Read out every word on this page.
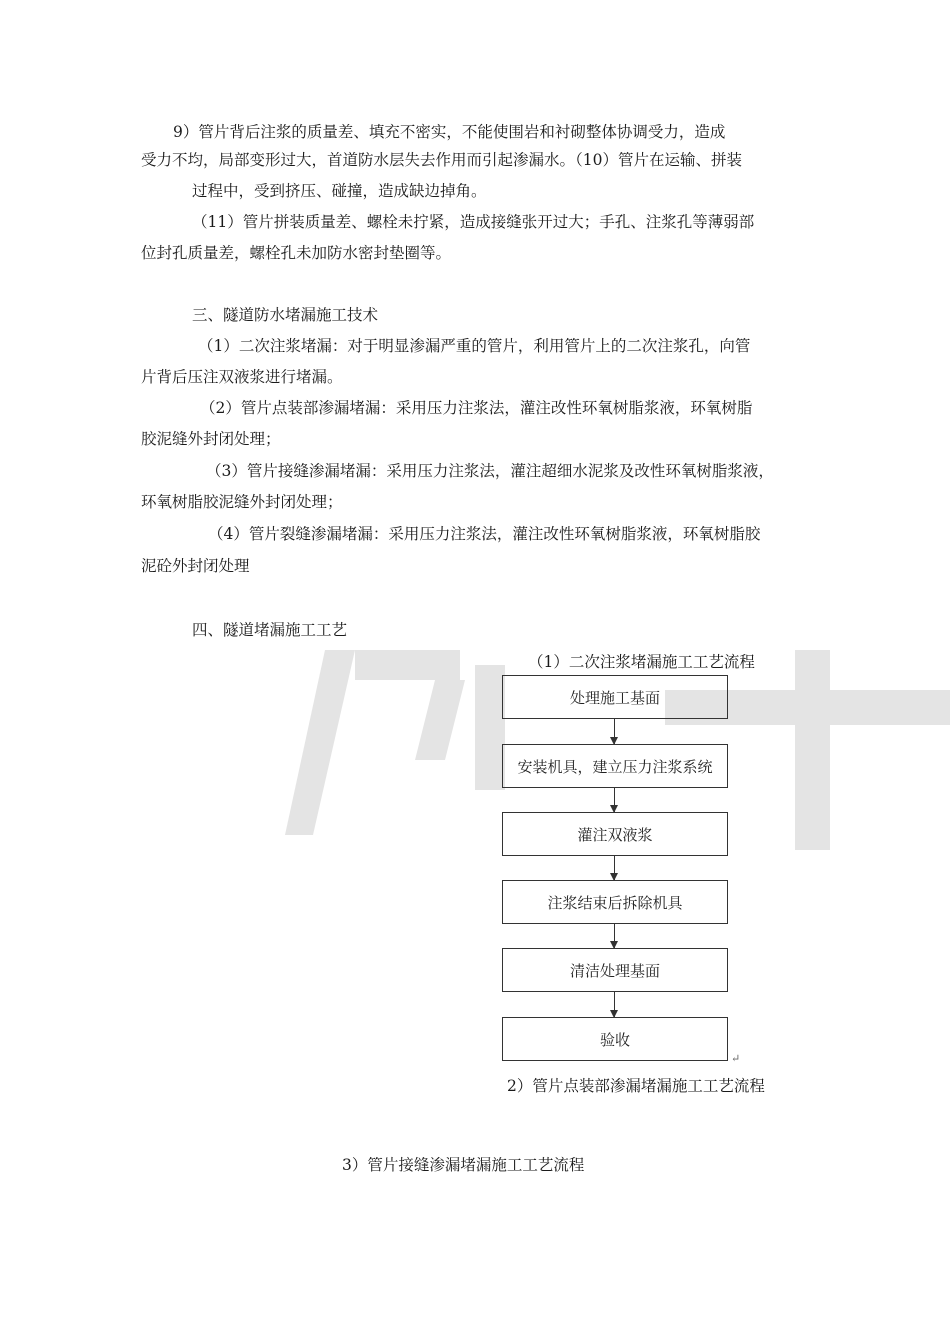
9）管片背后注浆的质量差、填充不密实，不能使围岩和衬砌整体协调受力，造成
受力不均，局部变形过大，首道防水层失去作用而引起渗漏水。（10）管片在运输、拼装
过程中，受到挤压、碰撞，造成缺边掉角。
（11）管片拼装质量差、螺栓未拧紧，造成接缝张开过大；手孔、注浆孔等薄弱部
位封孔质量差，螺栓孔未加防水密封垫圈等。
三、隧道防水堵漏施工技术
（1）二次注浆堵漏：对于明显渗漏严重的管片，利用管片上的二次注浆孔，向管
片背后压注双液浆进行堵漏。
（2）管片点装部渗漏堵漏：采用压力注浆法，灌注改性环氧树脂浆液，环氧树脂
胶泥缝外封闭处理；
（3）管片接缝渗漏堵漏：采用压力注浆法，灌注超细水泥浆及改性环氧树脂浆液，
环氧树脂胶泥缝外封闭处理；
（4）管片裂缝渗漏堵漏：采用压力注浆法，灌注改性环氧树脂浆液，环氧树脂胶
泥砼外封闭处理
四、隧道堵漏施工工艺
（1）二次注浆堵漏施工工艺流程
处理施工基面
安装机具，建立压力注浆系统
灌注双液浆
注浆结束后拆除机具
清洁处理基面
验收
↵
2）管片点装部渗漏堵漏施工工艺流程
3）管片接缝渗漏堵漏施工工艺流程
